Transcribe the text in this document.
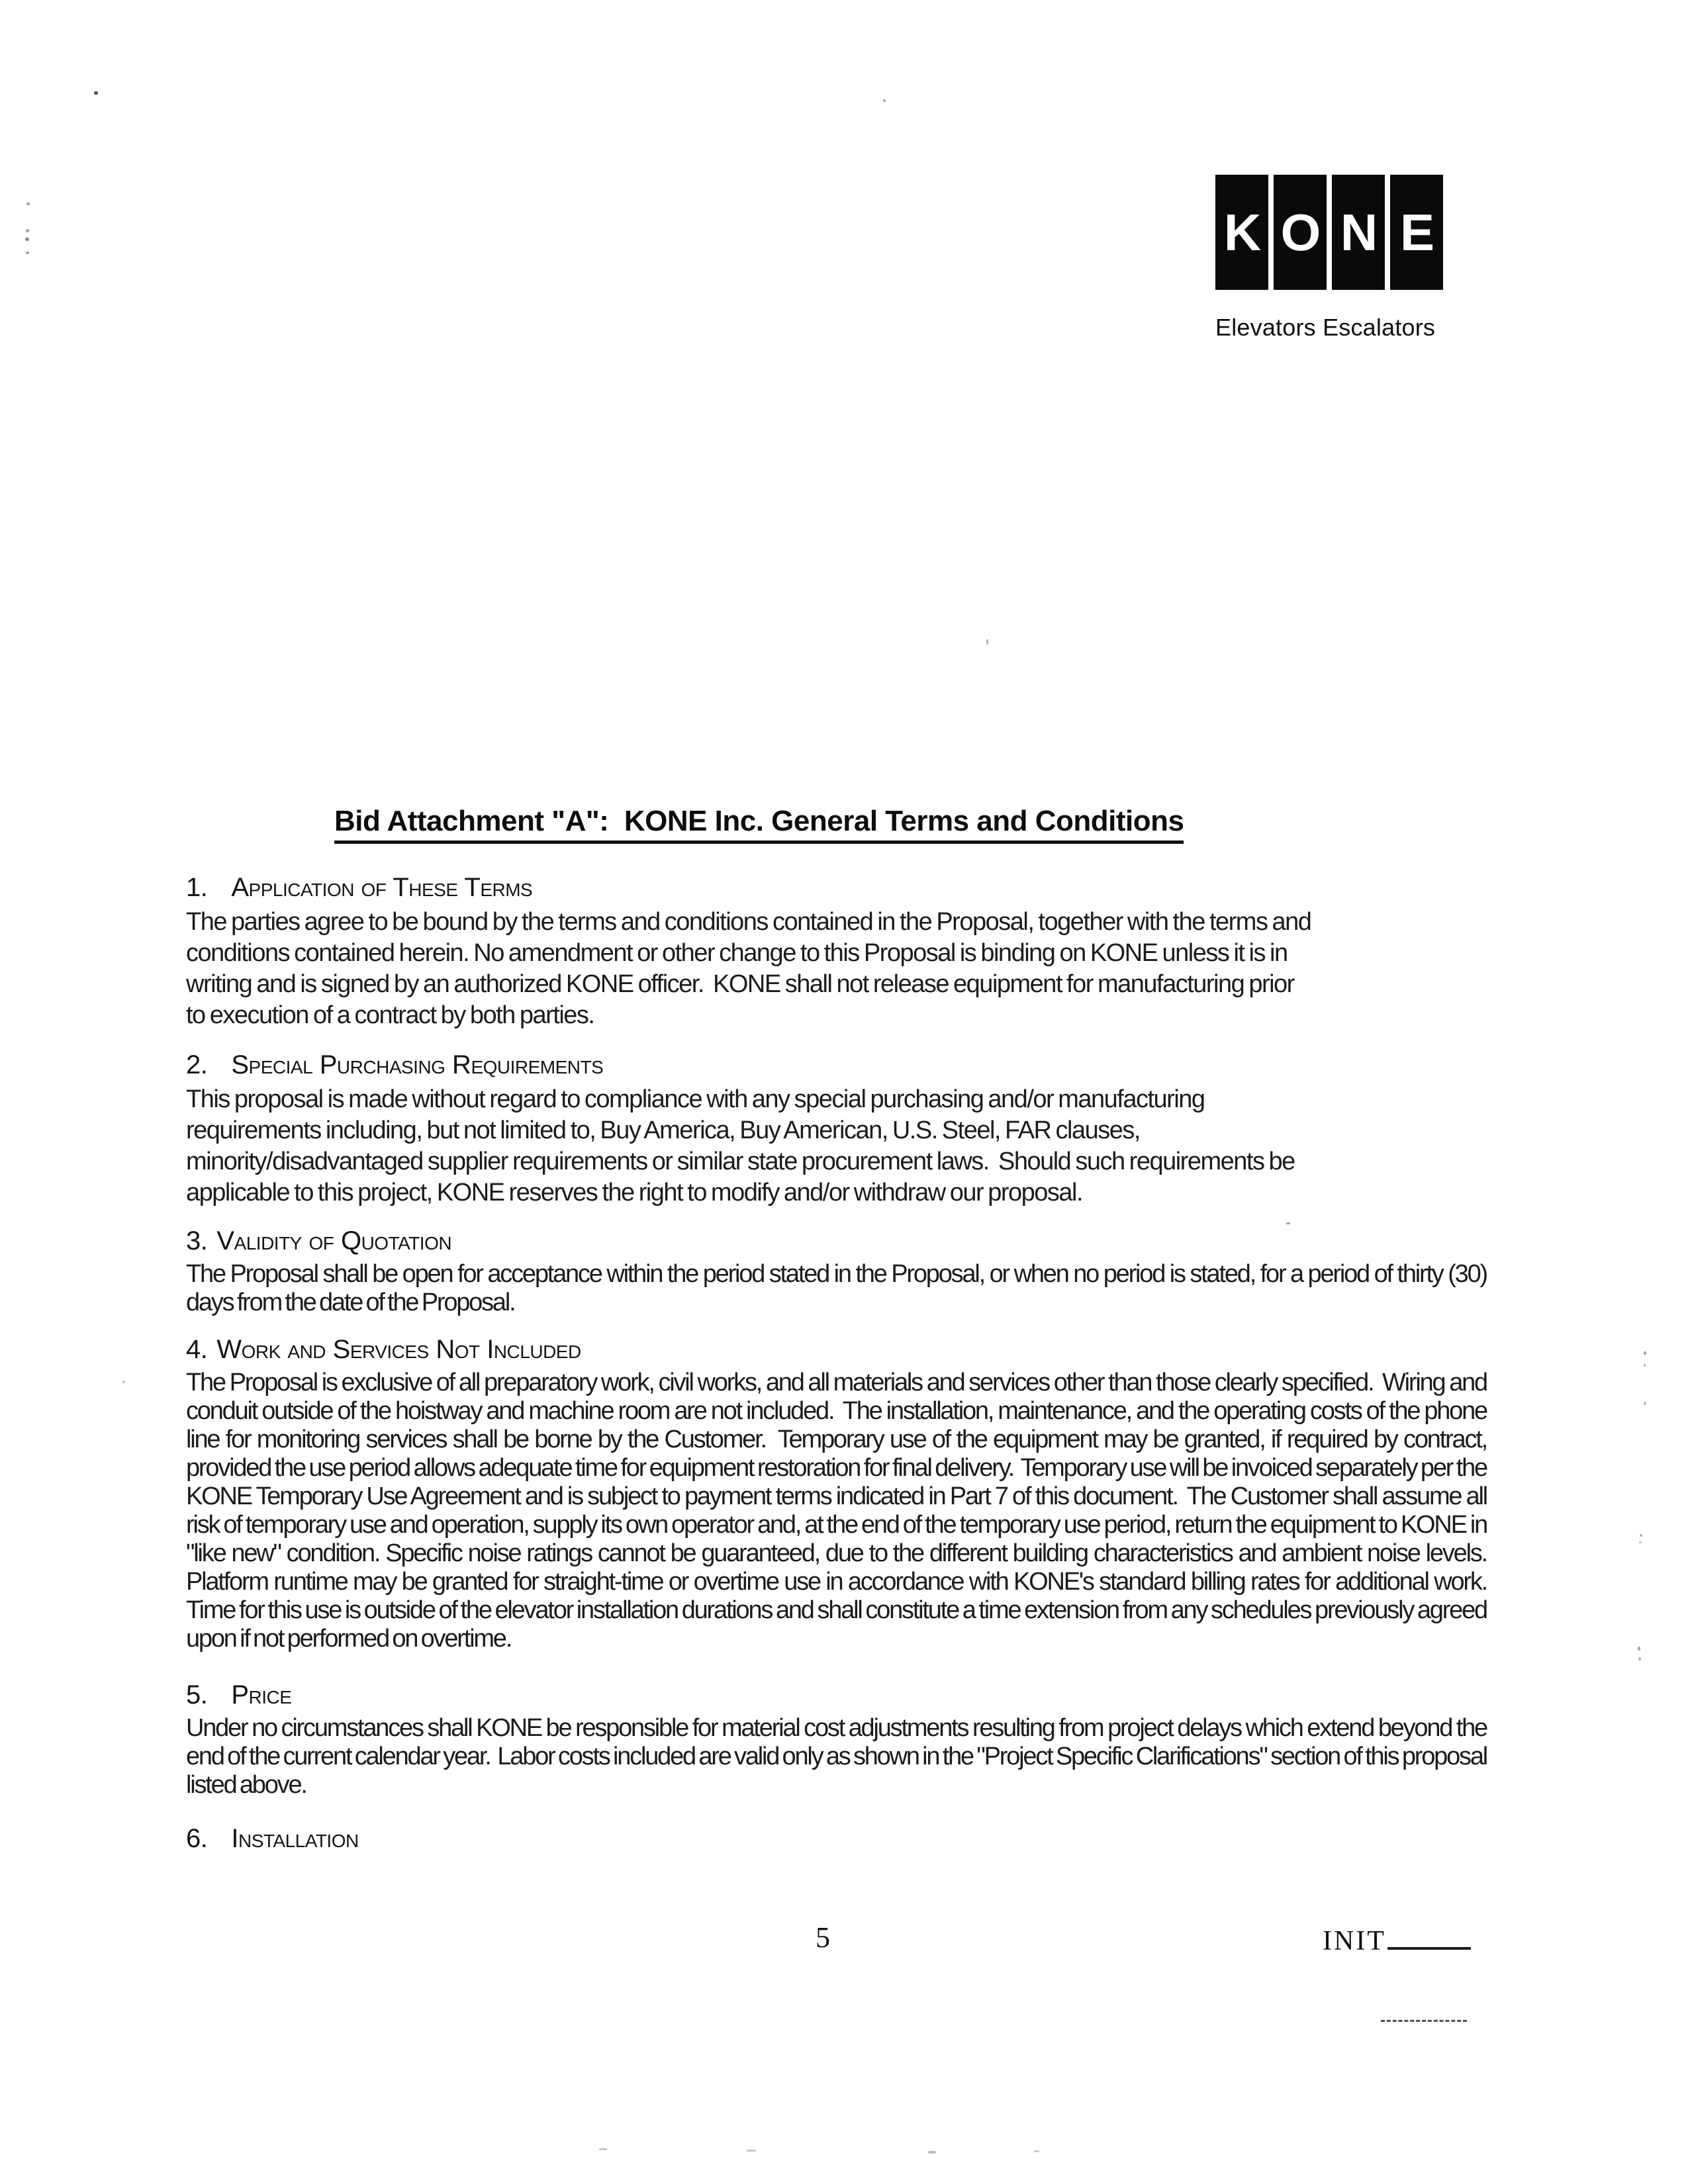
K O N E
Elevators Escalators
Bid Attachment "A":  KONE Inc. General Terms and Conditions
1. Application of These Terms

The parties agree to be bound by the terms and conditions contained in the Proposal, together with the terms and conditions contained herein. No amendment or other change to this Proposal is binding on KONE unless it is in writing and is signed by an authorized KONE officer.  KONE shall not release equipment for manufacturing prior to execution of a contract by both parties.

2. Special Purchasing Requirements

This proposal is made without regard to compliance with any special purchasing and/or manufacturing requirements including, but not limited to, Buy America, Buy American, U.S. Steel, FAR clauses, minority/disadvantaged supplier requirements or similar state procurement laws.  Should such requirements be applicable to this project, KONE reserves the right to modify and/or withdraw our proposal.

3. Validity of Quotation

The Proposal shall be open for acceptance within the period stated in the Proposal, or when no period is stated, for a period of thirty (30) days from the date of the Proposal.

4. Work and Services Not Included

The Proposal is exclusive of all preparatory work, civil works, and all materials and services other than those clearly specified.  Wiring and conduit outside of the hoistway and machine room are not included.  The installation, maintenance, and the operating costs of the phone line for monitoring services shall be borne by the Customer.  Temporary use of the equipment may be granted, if required by contract, provided the use period allows adequate time for equipment restoration for final delivery.  Temporary use will be invoiced separately per the KONE Temporary Use Agreement and is subject to payment terms indicated in Part 7 of this document.  The Customer shall assume all risk of temporary use and operation, supply its own operator and, at the end of the temporary use period, return the equipment to KONE in "like new" condition. Specific noise ratings cannot be guaranteed, due to the different building characteristics and ambient noise levels.  Platform runtime may be granted for straight-time or overtime use in accordance with KONE's standard billing rates for additional work.  Time for this use is outside of the elevator installation durations and shall constitute a time extension from any schedules previously agreed upon if not performed on overtime.

5. Price

Under no circumstances shall KONE be responsible for material cost adjustments resulting from project delays which extend beyond the end of the current calendar year.  Labor costs included are valid only as shown in the "Project Specific Clarifications" section of this proposal listed above.

6. Installation
5	INIT
